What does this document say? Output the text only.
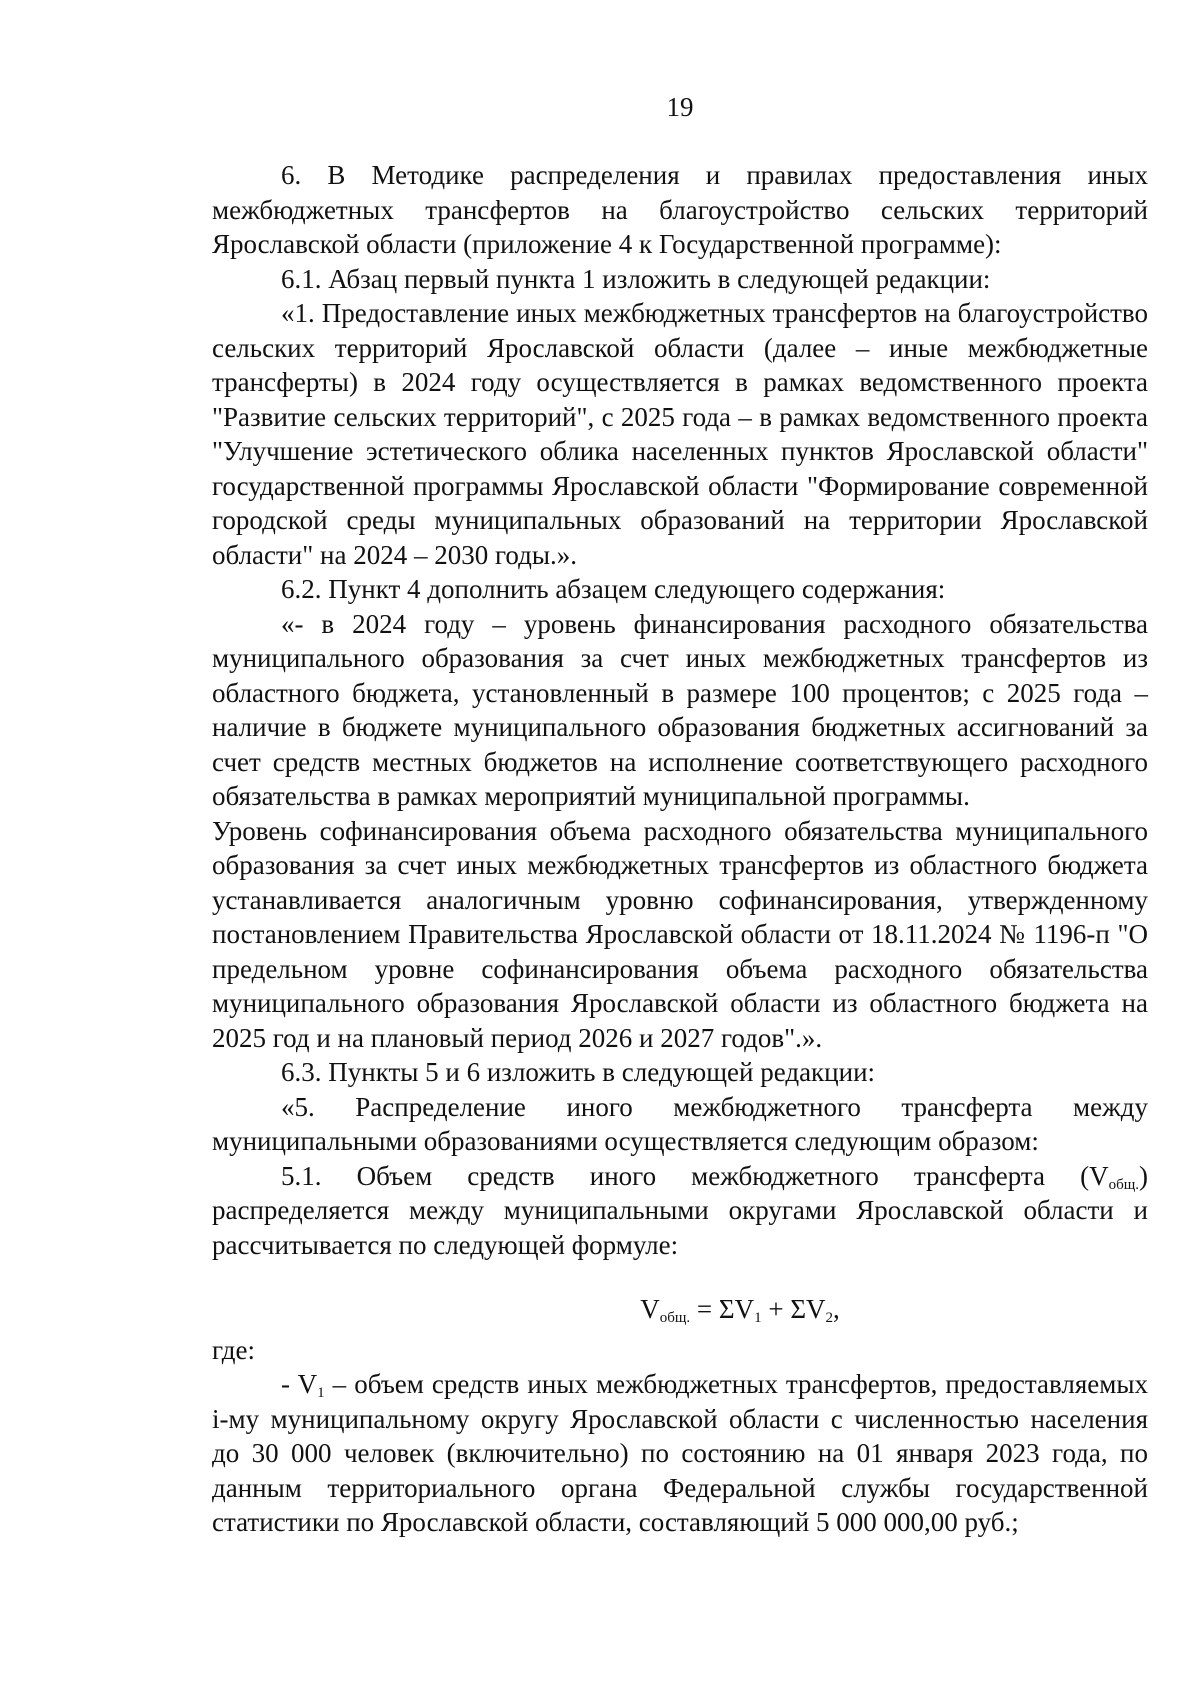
19

6. В Методике распределения и правилах предоставления иных межбюджетных трансфертов на благоустройство сельских территорий Ярославской области (приложение 4 к Государственной программе):

6.1. Абзац первый пункта 1 изложить в следующей редакции:

«1. Предоставление иных межбюджетных трансфертов на благоустройство сельских территорий Ярославской области (далее – иные межбюджетные трансферты) в 2024 году осуществляется в рамках ведомственного проекта "Развитие сельских территорий", с 2025 года – в рамках ведомственного проекта "Улучшение эстетического облика населенных пунктов Ярославской области" государственной программы Ярославской области "Формирование современной городской среды муниципальных образований на территории Ярославской области" на 2024 – 2030 годы.».

6.2. Пункт 4 дополнить абзацем следующего содержания:

«- в 2024 году – уровень финансирования расходного обязательства муниципального образования за счет иных межбюджетных трансфертов из областного бюджета, установленный в размере 100 процентов; с 2025 года – наличие в бюджете муниципального образования бюджетных ассигнований за счет средств местных бюджетов на исполнение соответствующего расходного обязательства в рамках мероприятий муниципальной программы.

Уровень софинансирования объема расходного обязательства муниципального образования за счет иных межбюджетных трансфертов из областного бюджета устанавливается аналогичным уровню софинансирования, утвержденному постановлением Правительства Ярославской области от 18.11.2024 № 1196-п "О предельном уровне софинансирования объема расходного обязательства муниципального образования Ярославской области из областного бюджета на 2025 год и на плановый период 2026 и 2027 годов".».

6.3. Пункты 5 и 6 изложить в следующей редакции:

«5. Распределение иного межбюджетного трансферта между муниципальными образованиями осуществляется следующим образом:

5.1. Объем средств иного межбюджетного трансферта $(V_{общ.})$ распределяется между муниципальными округами Ярославской области и рассчитывается по следующей формуле:

$V_{общ.} = \Sigma V_1 + \Sigma V_2$,

где:

- $V_1$ – объем средств иных межбюджетных трансфертов, предоставляемых i-му муниципальному округу Ярославской области с численностью населения до 30 000 человек (включительно) по состоянию на 01 января 2023 года, по данным территориального органа Федеральной службы государственной статистики по Ярославской области, составляющий 5 000 000,00 руб.;
